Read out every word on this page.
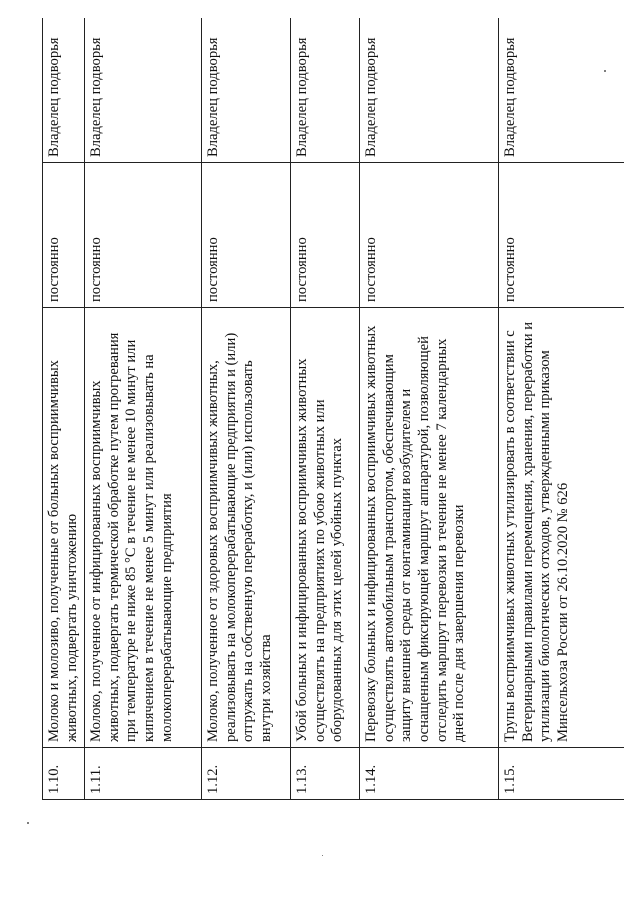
1.10.	Молоко и молозиво, полученные от больных восприимчивых животных, подвергать уничтожению	постоянно	Владелец подворья
1.11.	Молоко, полученное от инфицированных восприимчивых животных, подвергать термической обработке путем прогревания при температуре не ниже 85 °С в течение не менее 10 минут или кипячением в течение не менее 5 минут или реализовывать на молокоперерабатывающие предприятия	постоянно	Владелец подворья
1.12.	Молоко, полученное от здоровых восприимчивых животных, реализовывать на молокоперерабатывающие предприятия и (или) отгружать на собственную переработку, и (или) использовать внутри хозяйства	постоянно	Владелец подворья
1.13.	Убой больных и инфицированных восприимчивых животных осуществлять на предприятиях по убою животных или оборудованных для этих целей убойных пунктах	постоянно	Владелец подворья
1.14.	Перевозку больных и инфицированных восприимчивых животных осуществлять автомобильным транспортом, обеспечивающим защиту внешней среды от контаминации возбудителем и оснащенным фиксирующей маршрут аппаратурой, позволяющей отследить маршрут перевозки в течение не менее 7 календарных дней после дня завершения перевозки	постоянно	Владелец подворья
1.15.	Трупы восприимчивых животных утилизировать в соответствии с Ветеринарными правилами перемещения, хранения, переработки и утилизации биологических отходов, утвержденными приказом Минсельхоза России от 26.10.2020 № 626	постоянно	Владелец подворья
